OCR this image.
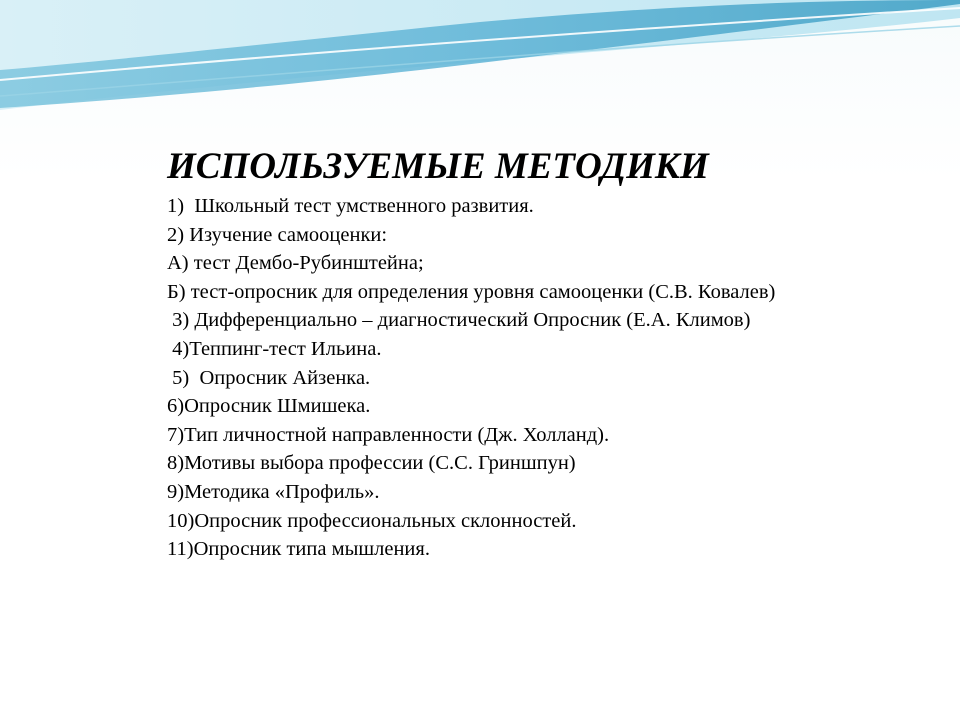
ИСПОЛЬЗУЕМЫЕ МЕТОДИКИ
1)  Школьный тест умственного развития.
2) Изучение самооценки:
А) тест Дембо-Рубинштейна;
Б) тест-опросник для определения уровня самооценки (С.В. Ковалев)
3) Дифференциально – диагностический Опросник (Е.А. Климов)
4)Теппинг-тест Ильина.
5)  Опросник Айзенка.
6)Опросник Шмишека.
7)Тип личностной направленности (Дж. Холланд).
8)Мотивы выбора профессии (С.С. Гриншпун)
9)Методика «Профиль».
10)Опросник профессиональных склонностей.
11)Опросник типа мышления.
